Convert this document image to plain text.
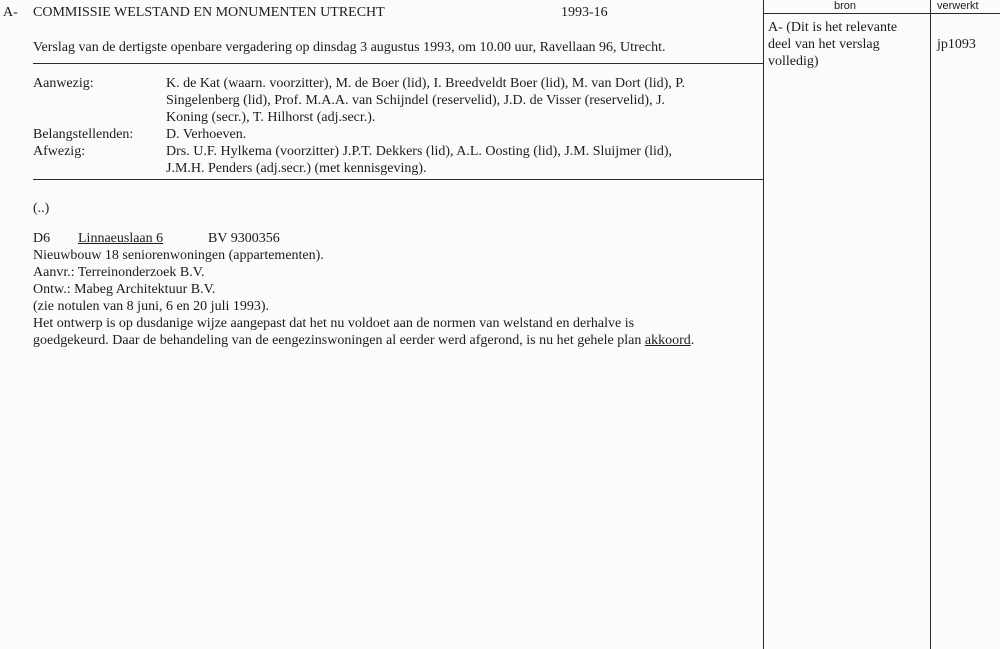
bron	verwerkt
A- (Dit is het relevante
deel van het verslag
volledig)
jp1093
A- COMMISSIE WELSTAND EN MONUMENTEN UTRECHT	1993-16
Verslag van de dertigste openbare vergadering op dinsdag 3 augustus 1993, om 10.00 uur, Ravellaan 96, Utrecht.
Aanwezig:	K. de Kat (waarn. voorzitter), M. de Boer (lid), I. Breedveldt Boer (lid), M. van Dort (lid), P.
Singelenberg (lid), Prof. M.A.A. van Schijndel (reservelid), J.D. de Visser (reservelid), J.
Koning (secr.), T. Hilhorst (adj.secr.).
Belangstellenden: D. Verhoeven.
Afwezig:	Drs. U.F. Hylkema (voorzitter) J.P.T. Dekkers (lid), A.L. Oosting (lid), J.M. Sluijmer (lid),
J.M.H. Penders (adj.secr.) (met kennisgeving).
(..)
D6 Linnaeuslaan 6	BV 9300356
Nieuwbouw 18 seniorenwoningen (appartementen).
Aanvr.: Terreinonderzoek B.V.
Ontw.: Mabeg Architektuur B.V.
(zie notulen van 8 juni, 6 en 20 juli 1993).
Het ontwerp is op dusdanige wijze aangepast dat het nu voldoet aan de normen van welstand en derhalve is
goedgekeurd. Daar de behandeling van de eengezinswoningen al eerder werd afgerond, is nu het gehele plan akkoord.
